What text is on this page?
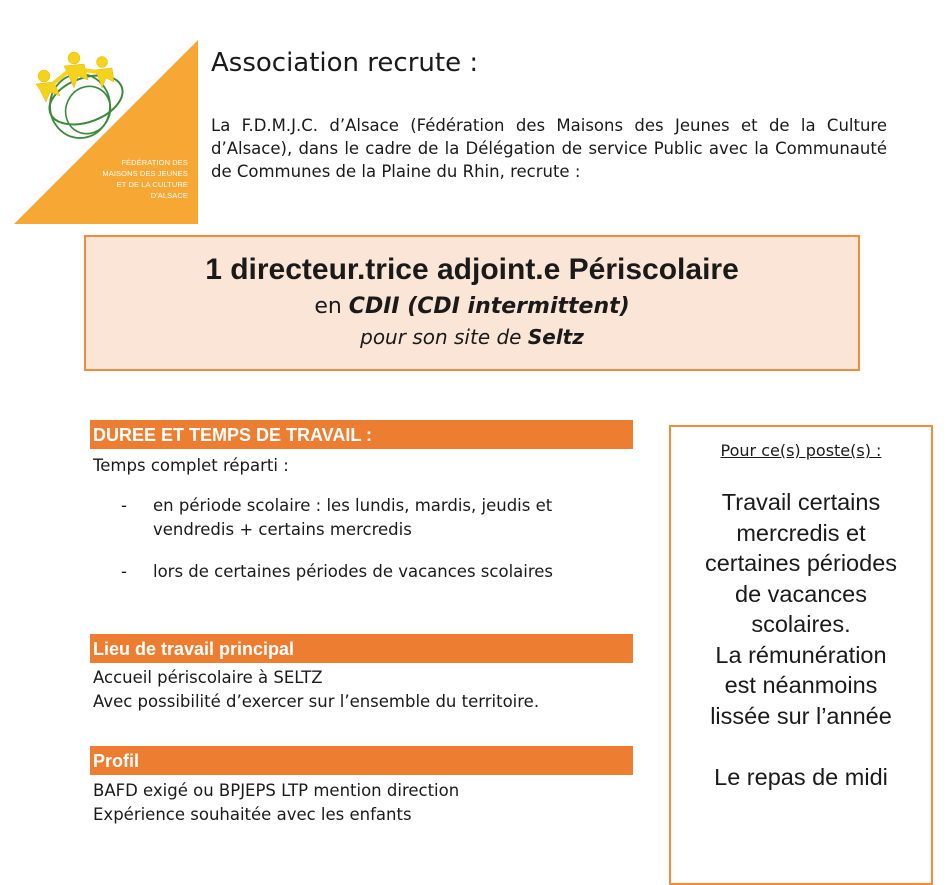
FÉDÉRATION DES
MAISONS DES JEUNES
ET DE LA CULTURE
D'ALSACE
Association recrute :

La F.D.M.J.C. d’Alsace (Fédération des Maisons des Jeunes et de la Culture d’Alsace), dans le cadre de la Délégation de service Public avec la Communauté de Communes de la Plaine du Rhin, recrute :

1 directeur.trice adjoint.e Périscolaire
en CDII (CDI intermittent)
pour son site de Seltz
DUREE ET TEMPS DE TRAVAIL :

Temps complet réparti :

- en période scolaire : les lundis, mardis, jeudis et vendredis + certains mercredis
- lors de certaines périodes de vacances scolaires
Lieu de travail principal

Accueil périscolaire à SELTZ

Avec possibilité d’exercer sur l’ensemble du territoire.

Profil

BAFD exigé ou BPJEPS LTP mention direction

Expérience souhaitée avec les enfants

Pour ce(s) poste(s) :
Travail certains
mercredis et
certaines périodes
de vacances
scolaires.
La rémunération
est néanmoins
lissée sur l’année

Le repas de midi
